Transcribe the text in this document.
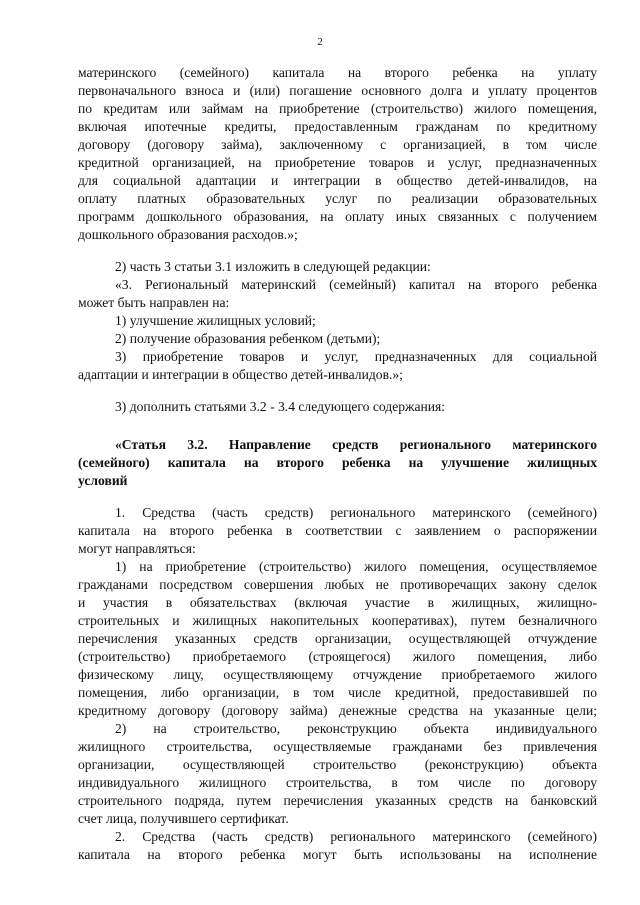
2
материнского (семейного) капитала на второго ребенка на уплату
первоначального взноса и (или) погашение основного долга и уплату процентов
по кредитам или займам на приобретение (строительство) жилого помещения,
включая ипотечные кредиты, предоставленным гражданам по кредитному
договору (договору займа), заключенному с организацией, в том числе
кредитной организацией, на приобретение товаров и услуг, предназначенных
для социальной адаптации и интеграции в общество детей-инвалидов, на
оплату платных образовательных услуг по реализации образовательных
программ дошкольного образования, на оплату иных связанных с получением
дошкольного образования расходов.»;
2) часть 3 статьи 3.1 изложить в следующей редакции:
«3. Региональный материнский (семейный) капитал на второго ребенка
может быть направлен на:
1) улучшение жилищных условий;
2) получение образования ребенком (детьми);
3) приобретение товаров и услуг, предназначенных для социальной
адаптации и интеграции в общество детей-инвалидов.»;
3) дополнить статьями 3.2 - 3.4 следующего содержания:
«Статья 3.2. Направление средств регионального материнского
(семейного) капитала на второго ребенка на улучшение жилищных
условий
1. Средства (часть средств) регионального материнского (семейного)
капитала на второго ребенка в соответствии с заявлением о распоряжении
могут направляться:
1) на приобретение (строительство) жилого помещения, осуществляемое
гражданами посредством совершения любых не противоречащих закону сделок
и участия в обязательствах (включая участие в жилищных, жилищно-
строительных и жилищных накопительных кооперативах), путем безналичного
перечисления указанных средств организации, осуществляющей отчуждение
(строительство) приобретаемого (строящегося) жилого помещения, либо
физическому лицу, осуществляющему отчуждение приобретаемого жилого
помещения, либо организации, в том числе кредитной, предоставившей по
кредитному договору (договору займа) денежные средства на указанные цели;
2) на строительство, реконструкцию объекта индивидуального
жилищного строительства, осуществляемые гражданами без привлечения
организации, осуществляющей строительство (реконструкцию) объекта
индивидуального жилищного строительства, в том числе по договору
строительного подряда, путем перечисления указанных средств на банковский
счет лица, получившего сертификат.
2. Средства (часть средств) регионального материнского (семейного)
капитала на второго ребенка могут быть использованы на исполнение
